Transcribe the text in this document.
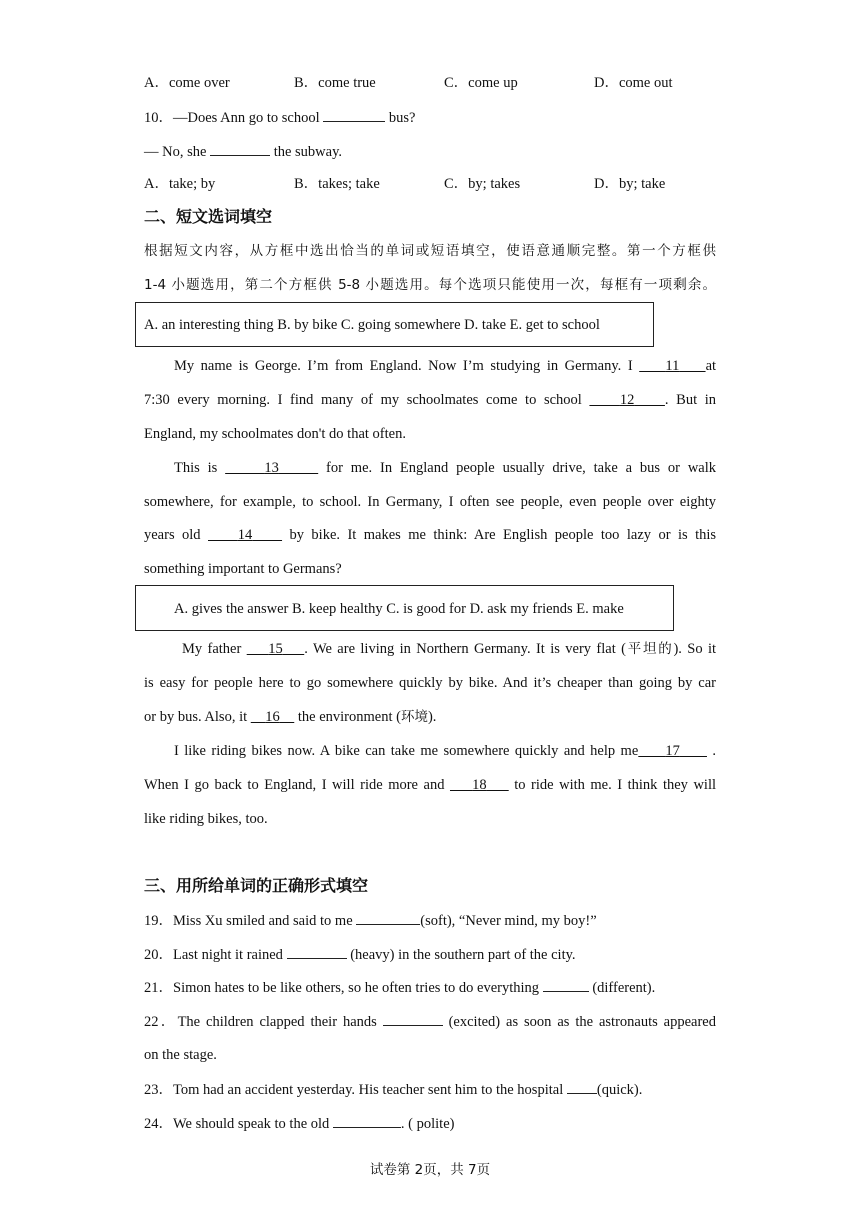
A．come over	B．come true	C．come up	D．come out
10．—Does Ann go to school	bus?
— No, she	the subway.
A．take; by	B．takes; take	C．by; takes	D．by; take
二、短文选词填空
根据短文内容，从方框中选出恰当的单词或短语填空，使语意通顺完整。第一个方框供
1-4 小题选用，第二个方框供 5-8 小题选用。每个选项只能使用一次，每框有一项剩余。
A. an interesting thing B. by bike C. going somewhere D. take E. get to school
My name is George. I’m from England. Now I’m studying in Germany. I     11 at
7:30 every morning. I find many of my schoolmates come to school     12 . But in
England, my schoolmates don't do that often.
This is	13	for me. In England people usually drive, take a bus or walk
somewhere, for example, to school. In Germany, I often see people, even people over eighty
years old     14     by bike. It makes me think: Are English people too lazy or is this
something important to Germans?
A. gives the answer B. keep healthy C. is good for D. ask my friends E. make
My father     15 . We are living in Northern Germany. It is very flat (平坦的). So it
is easy for people here to go somewhere quickly by bike. And it’s cheaper than going by car
or by bus. Also, it     16     the environment (环境).
I like riding bikes now. A bike can take me somewhere quickly and help me 17      .
When I go back to England, I will ride more and     18     to ride with me. I think they will
like riding bikes, too.
三、用所给单词的正确形式填空
19．Miss Xu smiled and said to me	(soft), “Never mind, my boy!”
20．Last night it rained	(heavy) in the southern part of the city.
21．Simon hates to be like others, so he often tries to do everything	(different).
22．The children clapped their hands	(excited) as soon as the astronauts appeared
on the stage.
23．Tom had an accident yesterday. His teacher sent him to the hospital (quick).
24．We should speak to the old	. ( polite)
试卷第 2页，共 7页
